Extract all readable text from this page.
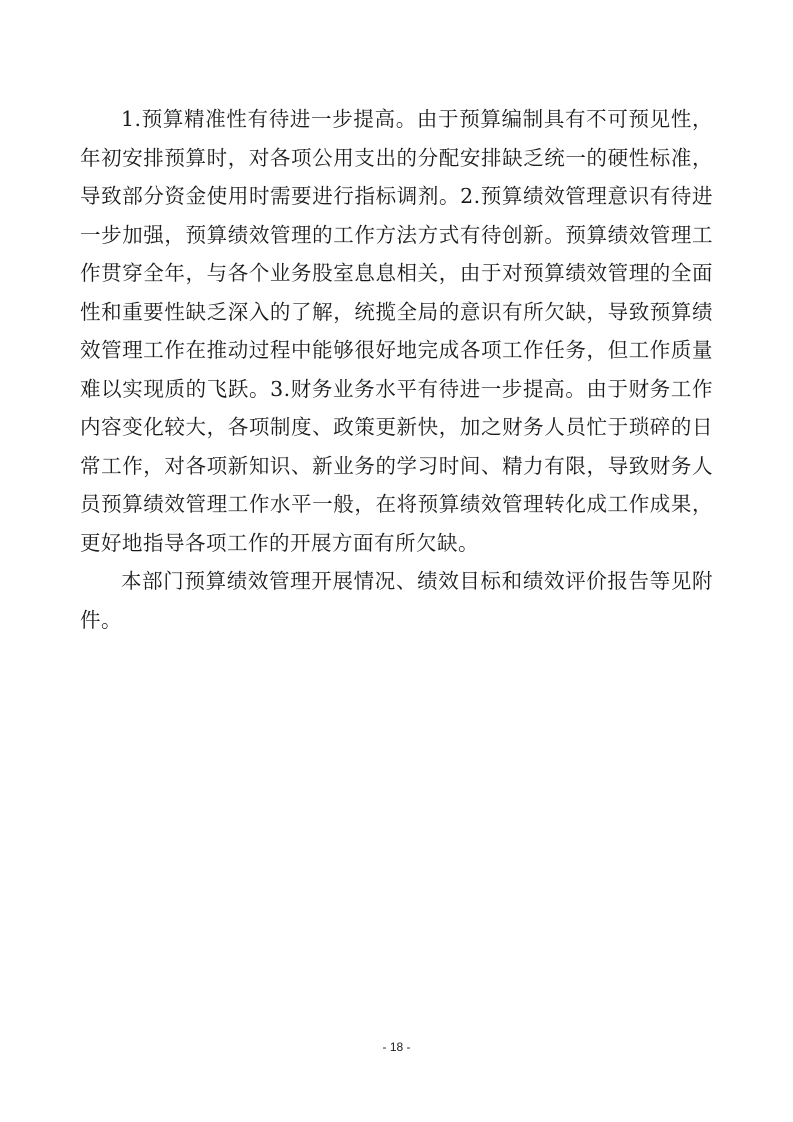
1.预算精准性有待进一步提高。由于预算编制具有不可预见性，
年初安排预算时，对各项公用支出的分配安排缺乏统一的硬性标准，
导致部分资金使用时需要进行指标调剂。2.预算绩效管理意识有待进
一步加强，预算绩效管理的工作方法方式有待创新。预算绩效管理工
作贯穿全年，与各个业务股室息息相关，由于对预算绩效管理的全面
性和重要性缺乏深入的了解，统揽全局的意识有所欠缺，导致预算绩
效管理工作在推动过程中能够很好地完成各项工作任务，但工作质量
难以实现质的飞跃。3.财务业务水平有待进一步提高。由于财务工作
内容变化较大，各项制度、政策更新快，加之财务人员忙于琐碎的日
常工作，对各项新知识、新业务的学习时间、精力有限，导致财务人
员预算绩效管理工作水平一般，在将预算绩效管理转化成工作成果，
更好地指导各项工作的开展方面有所欠缺。
本部门预算绩效管理开展情况、绩效目标和绩效评价报告等见附
件。
- 18 -
